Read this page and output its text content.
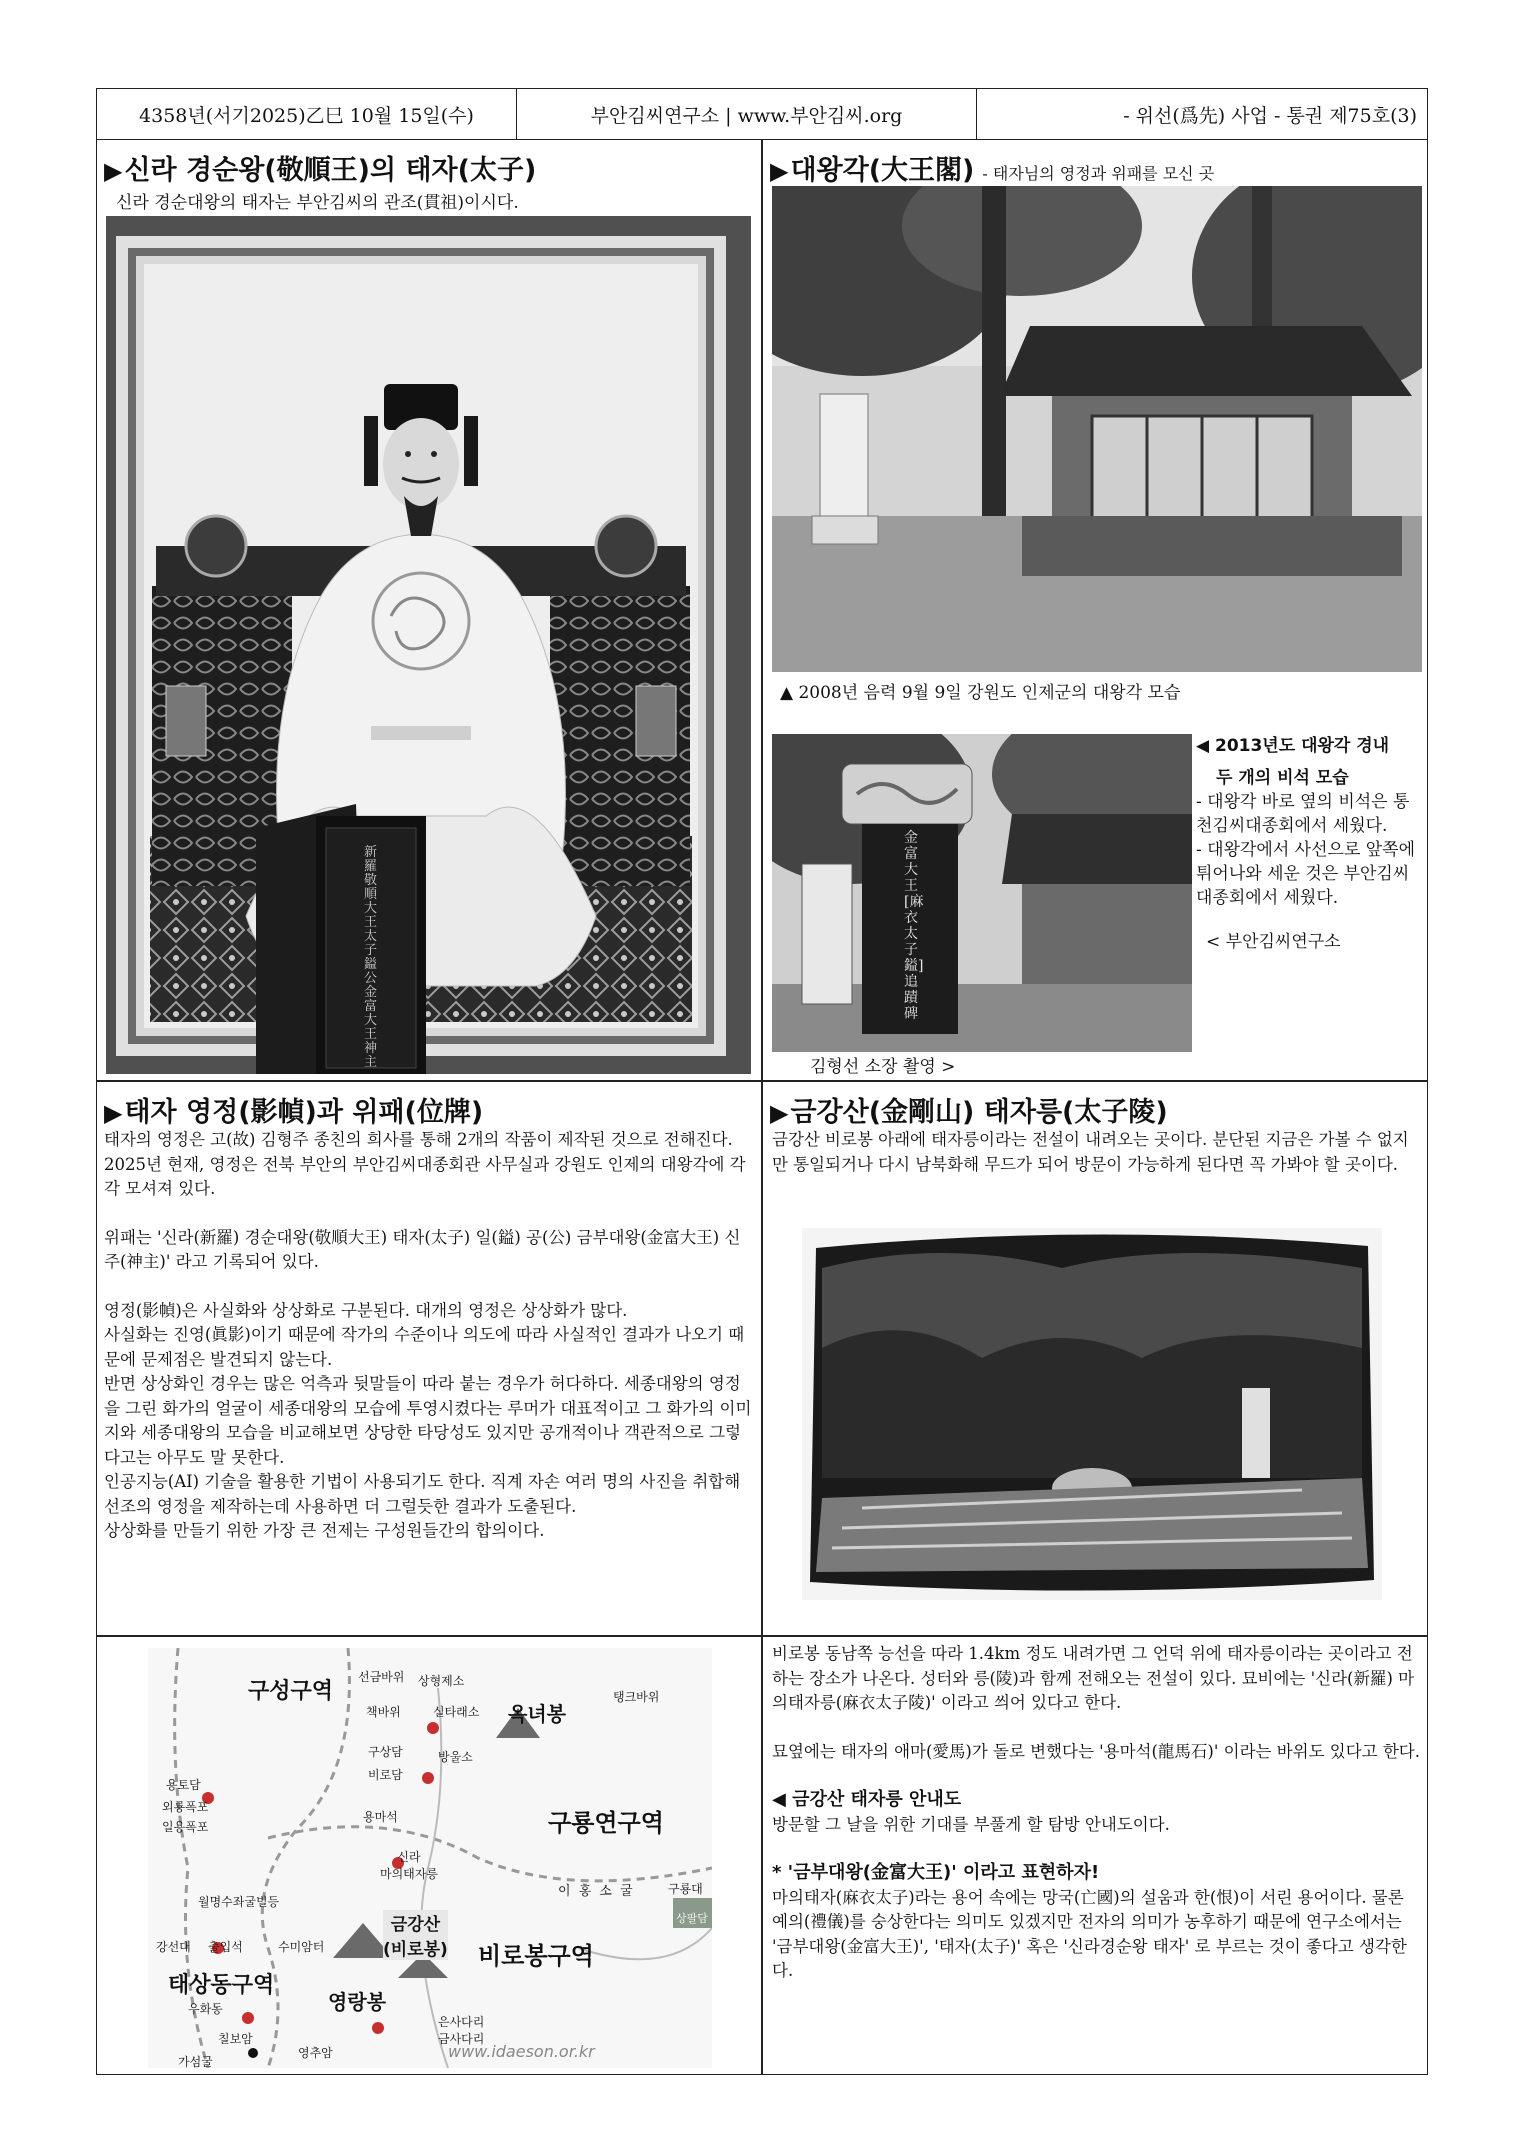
4358년(서기2025)乙巳 10월 15일(수)	부안김씨연구소 | www.부안김씨.org	- 위선(爲先) 사업 - 통권 제75호(3)
▶신라 경순왕(敬順王)의 태자(太子)
신라 경순대왕의 태자는 부안김씨의 관조(貫祖)이시다.
新羅敬順大王太子鎰公 金富大王 神主
▶대왕각(大王閣) - 태자님의 영정과 위패를 모신 곳
▲ 2008년 음력 9월 9일 강원도 인제군의 대왕각 모습
金富大王[麻衣太子鎰]追蹟碑
◀ 2013년도 대왕각 경내
두 개의 비석 모습
- 대왕각 바로 옆의 비석은 통천김씨대종회에서 세웠다.
- 대왕각에서 사선으로 앞쪽에 튀어나와 세운 것은 부안김씨대종회에서 세웠다.
< 부안김씨연구소
김형선 소장 촬영 >
▶태자 영정(影幀)과 위패(位牌)

태자의 영정은 고(故) 김형주 종친의 희사를 통해 2개의 작품이 제작된 것으로 전해진다. 2025년 현재, 영정은 전북 부안의 부안김씨대종회관 사무실과 강원도 인제의 대왕각에 각각 모셔져 있다.

위패는 '신라(新羅) 경순대왕(敬順大王) 태자(太子) 일(鎰) 공(公) 금부대왕(金富大王) 신주(神主)' 라고 기록되어 있다.

영정(影幀)은 사실화와 상상화로 구분된다. 대개의 영정은 상상화가 많다.

사실화는 진영(眞影)이기 때문에 작가의 수준이나 의도에 따라 사실적인 결과가 나오기 때문에 문제점은 발견되지 않는다.

반면 상상화인 경우는 많은 억측과 뒷말들이 따라 붙는 경우가 허다하다. 세종대왕의 영정을 그린 화가의 얼굴이 세종대왕의 모습에 투영시켰다는 루머가 대표적이고 그 화가의 이미지와 세종대왕의 모습을 비교해보면 상당한 타당성도 있지만 공개적이나 객관적으로 그렇다고는 아무도 말 못한다.

인공지능(AI) 기술을 활용한 기법이 사용되기도 한다. 직계 자손 여러 명의 사진을 취합해 선조의 영정을 제작하는데 사용하면 더 그럴듯한 결과가 도출된다.

상상화를 만들기 위한 가장 큰 전제는 구성원들간의 합의이다.

▶금강산(金剛山) 태자릉(太子陵)
금강산 비로봉 아래에 태자릉이라는 전설이 내려오는 곳이다. 분단된 지금은 가볼 수 없지만 통일되거나 다시 남북화해 무드가 되어 방문이 가능하게 된다면 꼭 가봐야 할 곳이다.
구성구역
옥녀봉
구룡연구역
비로봉구역
태상동구역
영랑봉
금강산
(비로봉)
선금바위 상형제소
책바위	실타래소
탱크바위
구상담	방울소
비로담
용마석
신라
마의태자릉
용토담
외룡폭포
일용폭포
월명수좌굴빌등
강선대 출입석	수미암터
우화동
칠보암
영추암
은사다리
금사다리
구룡대
이 홍 소 굴
상팔담
가섬굴
www.idaeson.or.kr

비로봉 동남쪽 능선을 따라 1.4km 정도 내려가면 그 언덕 위에 태자릉이라는 곳이라고 전하는 장소가 나온다. 성터와 릉(陵)과 함께 전해오는 전설이 있다. 묘비에는 '신라(新羅) 마의태자릉(麻衣太子陵)' 이라고 씌어 있다고 한다.

묘옆에는 태자의 애마(愛馬)가 돌로 변했다는 '용마석(龍馬石)' 이라는 바위도 있다고 한다.

◀ 금강산 태자릉 안내도

방문할 그 날을 위한 기대를 부풀게 할 탐방 안내도이다.

* '금부대왕(金富大王)' 이라고 표현하자!

마의태자(麻衣太子)라는 용어 속에는 망국(亡國)의 설움과 한(恨)이 서린 용어이다. 물론 예의(禮儀)를 숭상한다는 의미도 있겠지만 전자의 의미가 농후하기 때문에 연구소에서는 '금부대왕(金富大王)', '태자(太子)' 혹은 '신라경순왕 태자' 로 부르는 것이 좋다고 생각한다.
